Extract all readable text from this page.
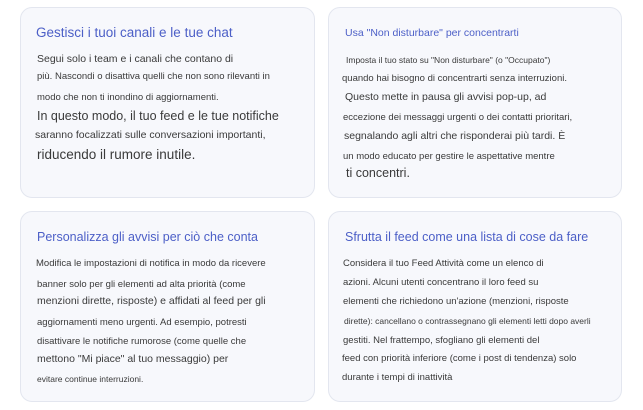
Gestisci i tuoi canali e le tue chat
Segui solo i team e i canali che contano di
più. Nascondi o disattiva quelli che non sono rilevanti in
modo che non ti inondino di aggiornamenti.
In questo modo, il tuo feed e le tue notifiche
saranno focalizzati sulle conversazioni importanti,
riducendo il rumore inutile.
Usa "Non disturbare" per concentrarti
Imposta il tuo stato su "Non disturbare" (o "Occupato")
quando hai bisogno di concentrarti senza interruzioni.
Questo mette in pausa gli avvisi pop-up, ad
eccezione dei messaggi urgenti o dei contatti prioritari,
segnalando agli altri che risponderai più tardi. È
un modo educato per gestire le aspettative mentre
ti concentri.
Personalizza gli avvisi per ciò che conta
Modifica le impostazioni di notifica in modo da ricevere
banner solo per gli elementi ad alta priorità (come
menzioni dirette, risposte) e affidati al feed per gli
aggiornamenti meno urgenti. Ad esempio, potresti
disattivare le notifiche rumorose (come quelle che
mettono "Mi piace" al tuo messaggio) per
evitare continue interruzioni.
Sfrutta il feed come una lista di cose da fare
Considera il tuo Feed Attività come un elenco di
azioni. Alcuni utenti concentrano il loro feed su
elementi che richiedono un'azione (menzioni, risposte
dirette): cancellano o contrassegnano gli elementi letti dopo averli
gestiti. Nel frattempo, sfogliano gli elementi del
feed con priorità inferiore (come i post di tendenza) solo
durante i tempi di inattività
